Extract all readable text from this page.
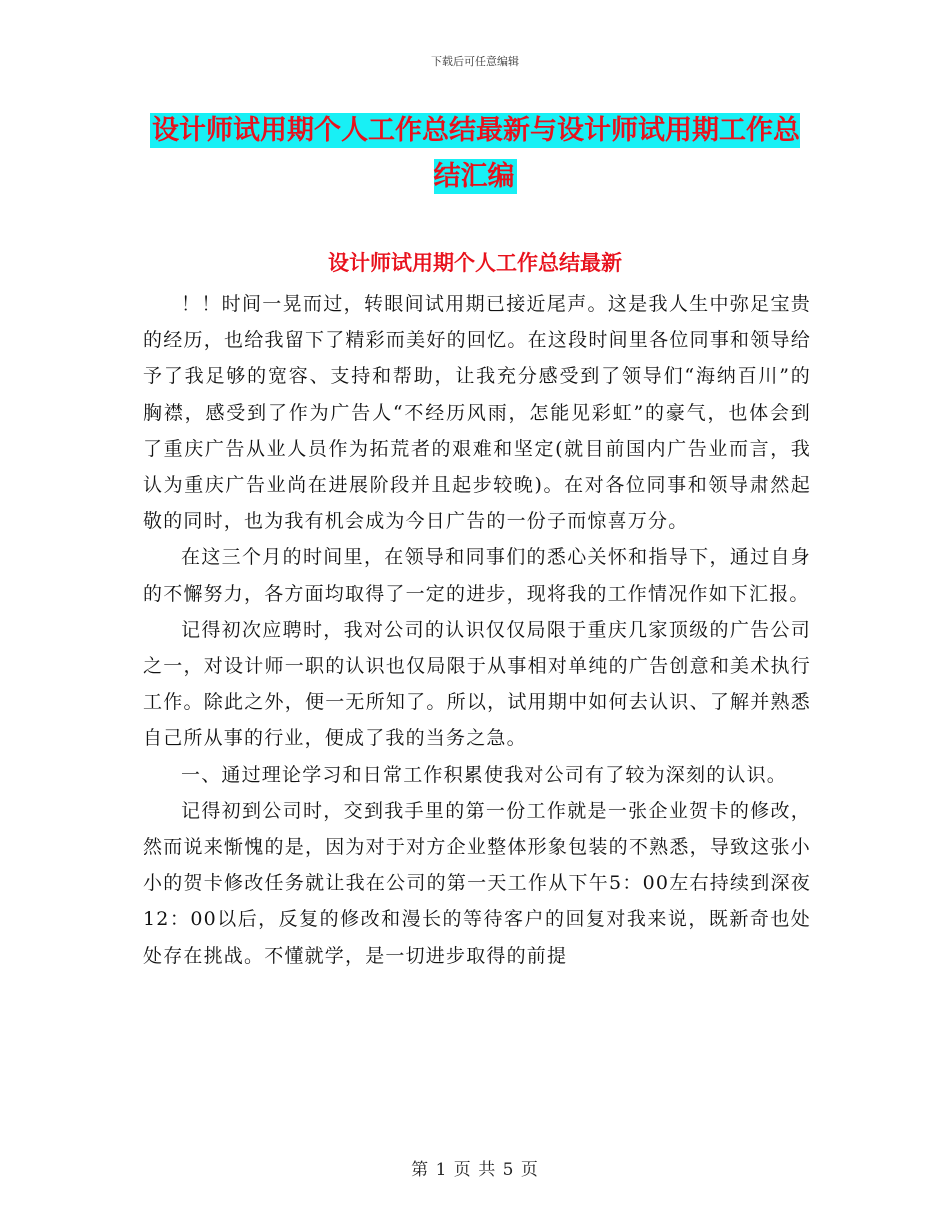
下载后可任意编辑
设计师试用期个人工作总结最新与设计师试用期工作总结汇编
设计师试用期个人工作总结最新

！！时间一晃而过，转眼间试用期已接近尾声。这是我人生中弥足宝贵的经历，也给我留下了精彩而美好的回忆。在这段时间里各位同事和领导给予了我足够的宽容、支持和帮助，让我充分感受到了领导们“海纳百川”的胸襟，感受到了作为广告人“不经历风雨，怎能见彩虹”的豪气，也体会到了重庆广告从业人员作为拓荒者的艰难和坚定(就目前国内广告业而言，我认为重庆广告业尚在进展阶段并且起步较晚)。在对各位同事和领导肃然起敬的同时，也为我有机会成为今日广告的一份子而惊喜万分。

在这三个月的时间里，在领导和同事们的悉心关怀和指导下，通过自身的不懈努力，各方面均取得了一定的进步，现将我的工作情况作如下汇报。

记得初次应聘时，我对公司的认识仅仅局限于重庆几家顶级的广告公司之一，对设计师一职的认识也仅局限于从事相对单纯的广告创意和美术执行工作。除此之外，便一无所知了。所以，试用期中如何去认识、了解并熟悉自己所从事的行业，便成了我的当务之急。

一、通过理论学习和日常工作积累使我对公司有了较为深刻的认识。

记得初到公司时，交到我手里的第一份工作就是一张企业贺卡的修改，然而说来惭愧的是，因为对于对方企业整体形象包装的不熟悉，导致这张小小的贺卡修改任务就让我在公司的第一天工作从下午5：00左右持续到深夜12：00以后，反复的修改和漫长的等待客户的回复对我来说，既新奇也处处存在挑战。不懂就学，是一切进步取得的前提

第 1 页 共 5 页
